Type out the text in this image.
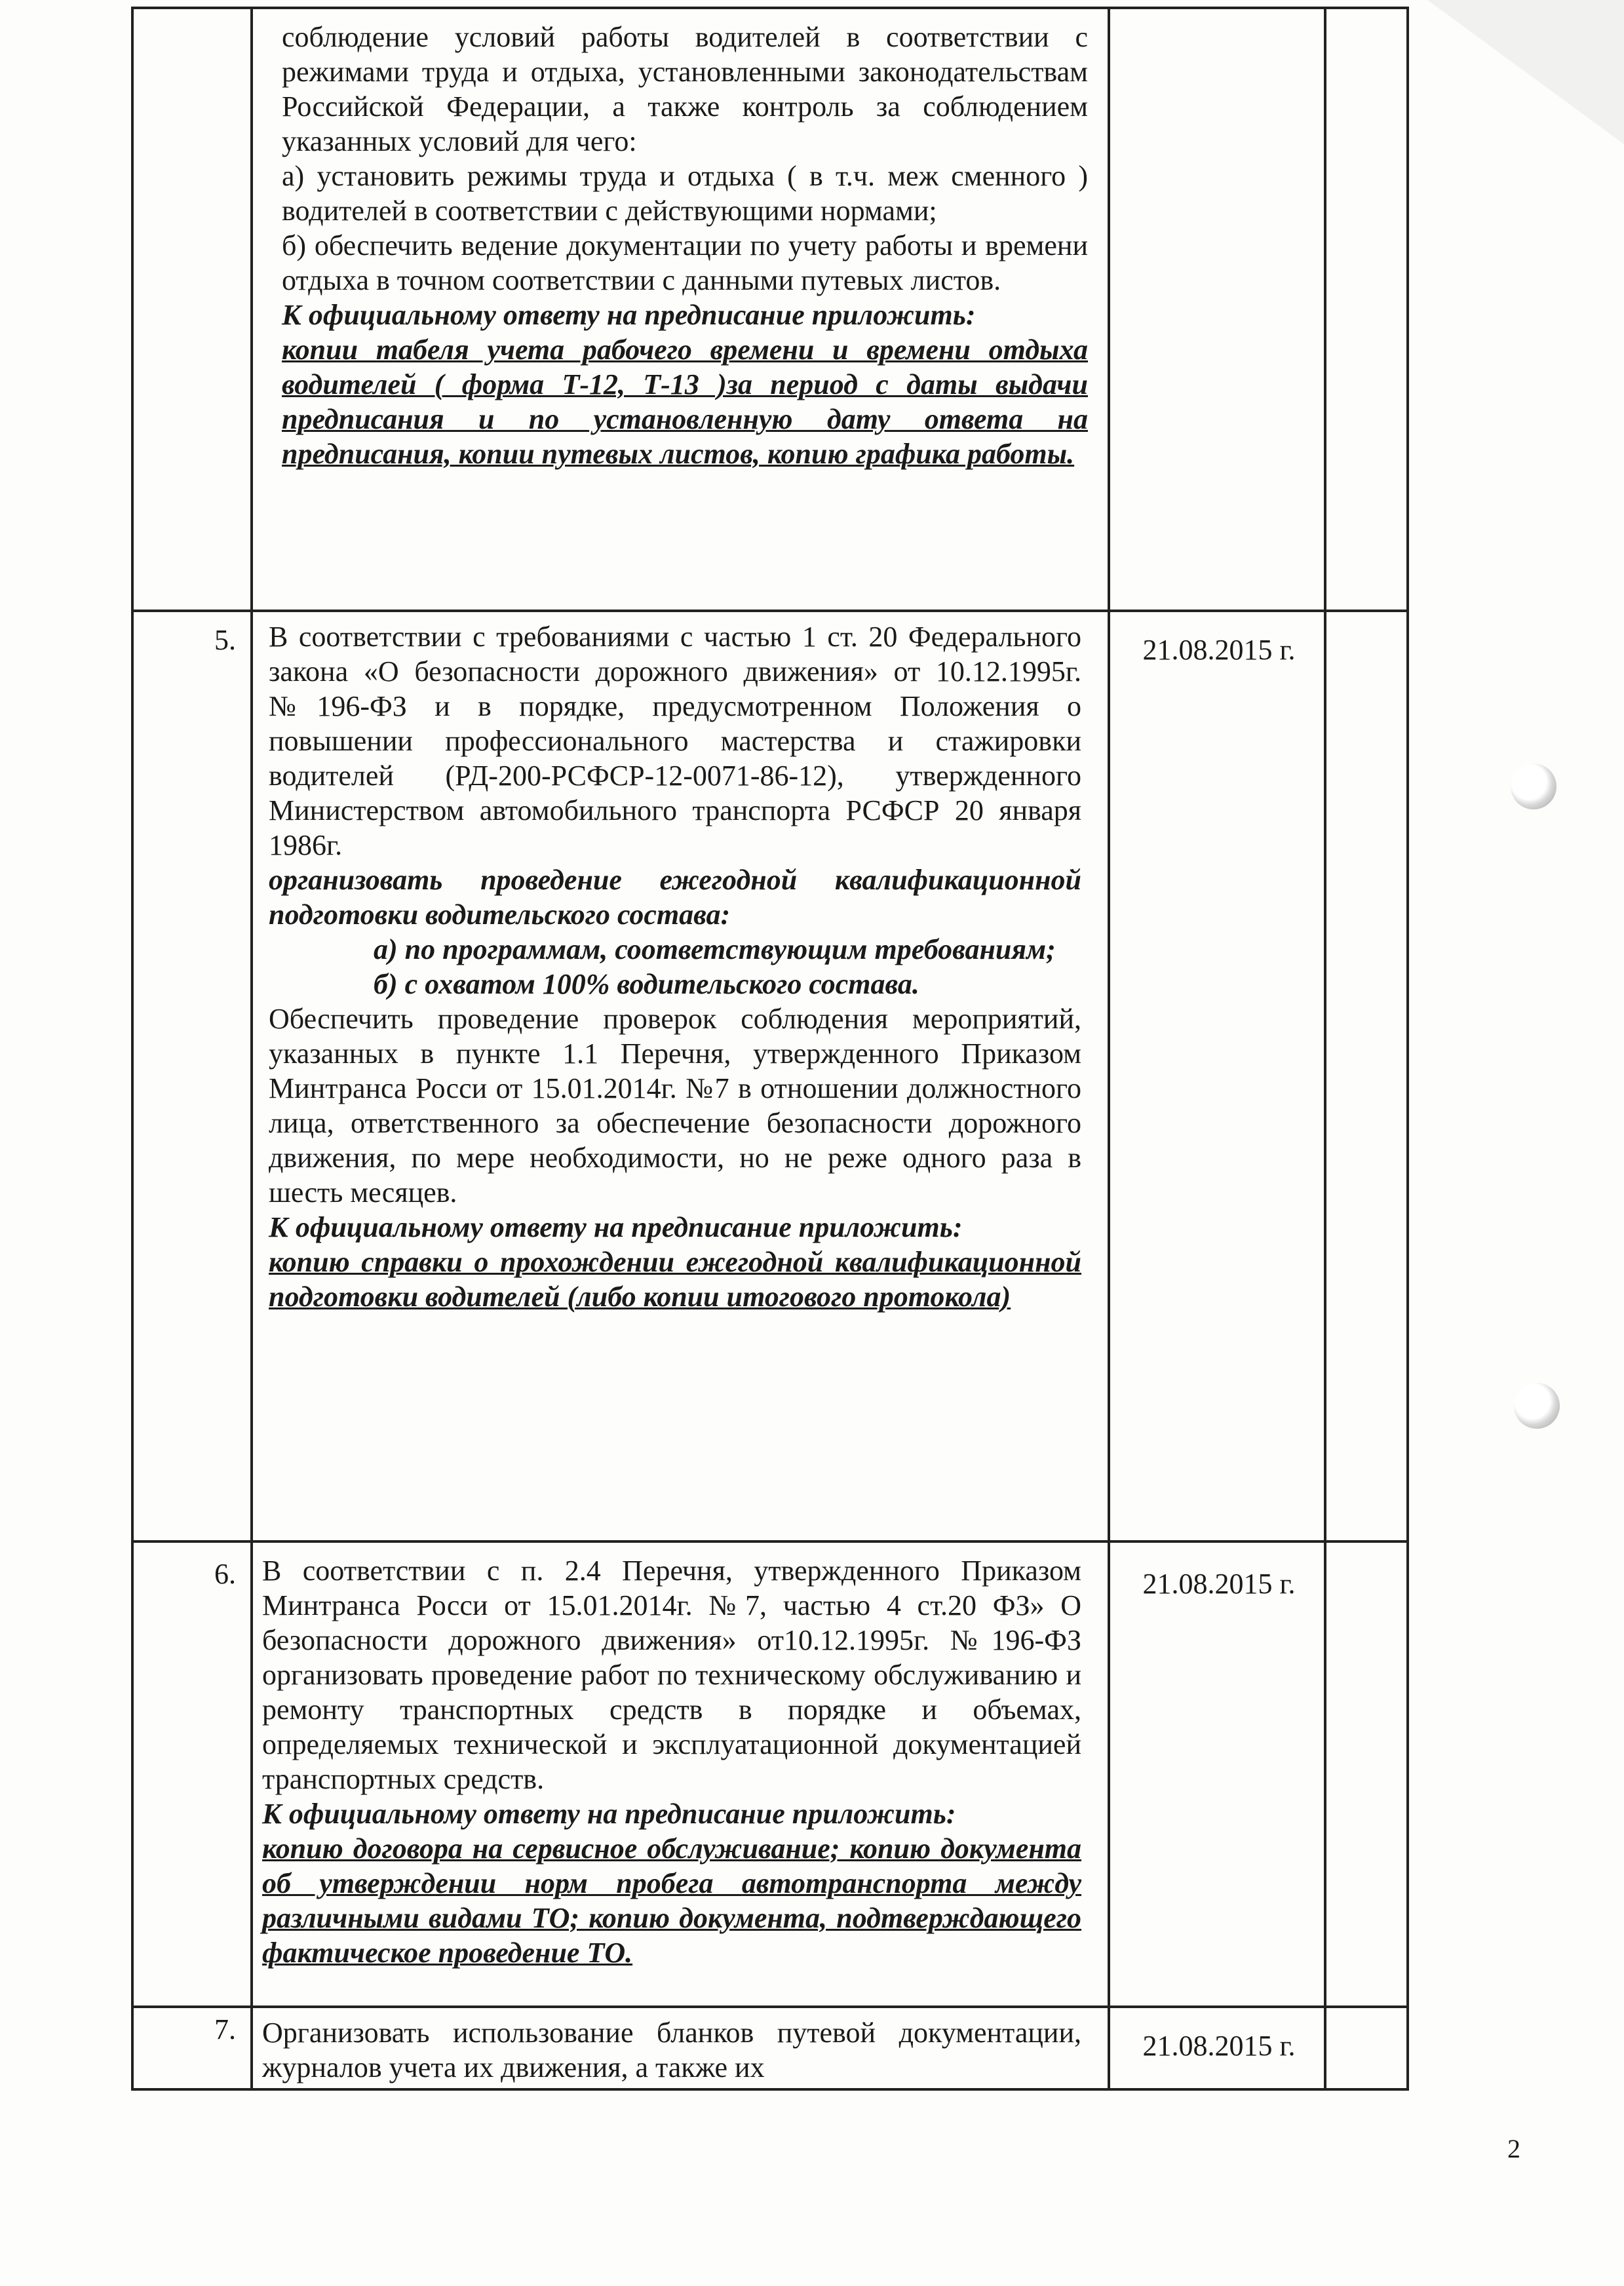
соблюдение условий работы водителей в соответствии с режимами труда и отдыха, установленными законодательствам Российской Федерации, а также контроль за соблюдением указанных условий для чего:

а) установить режимы труда и отдыха ( в т.ч. меж сменного ) водителей в соответствии с действующими нормами;

б) обеспечить ведение документации по учету работы и времени отдыха в точном соответствии с данными путевых листов.

К официальному ответу на предписание приложить:

копии табеля учета рабочего времени и времени отдыха водителей ( форма Т-12, Т-13 )за период с даты выдачи предписания и по установленную дату ответа на предписания, копии путевых листов, копию графика работы.

5.	21.08.2015 г.

В соответствии с требованиями с частью 1 ст. 20 Федерального закона «О безопасности дорожного движения» от 10.12.1995г. №196-ФЗ и в порядке, предусмотренном Положения о повышении профессионального мастерства и стажировки водителей (РД-200-РСФСР-12-0071-86-12), утвержденного Министерством автомобильного транспорта РСФСР 20 января 1986г.

организовать проведение ежегодной квалификационной подготовки водительского состава:

а) по программам, соответствующим требованиям;

б) с охватом 100% водительского состава.

Обеспечить проведение проверок соблюдения мероприятий, указанных в пункте 1.1 Перечня, утвержденного Приказом Минтранса Росси от 15.01.2014г. №7 в отношении должностного лица, ответственного за обеспечение безопасности дорожного движения, по мере необходимости, но не реже одного раза в шесть месяцев.

К официальному ответу на предписание приложить:

копию справки о прохождении ежегодной квалификационной подготовки водителей (либо копии итогового протокола)

6.	21.08.2015 г.

В соответствии с п. 2.4 Перечня, утвержденного Приказом Минтранса Росси от 15.01.2014г. №7, частью 4 ст.20 ФЗ» О безопасности дорожного движения» от10.12.1995г. №196-ФЗ организовать проведение работ по техническому обслуживанию и ремонту транспортных средств в порядке и объемах, определяемых технической и эксплуатационной документацией транспортных средств.

К официальному ответу на предписание приложить:

копию договора на сервисное обслуживание; копию документа об утверждении норм пробега автотранспорта между различными видами ТО; копию документа, подтверждающего фактическое проведение ТО.

7.
21.08.2015 г.

Организовать использование бланков путевой документации, журналов учета их движения, а также их

2
